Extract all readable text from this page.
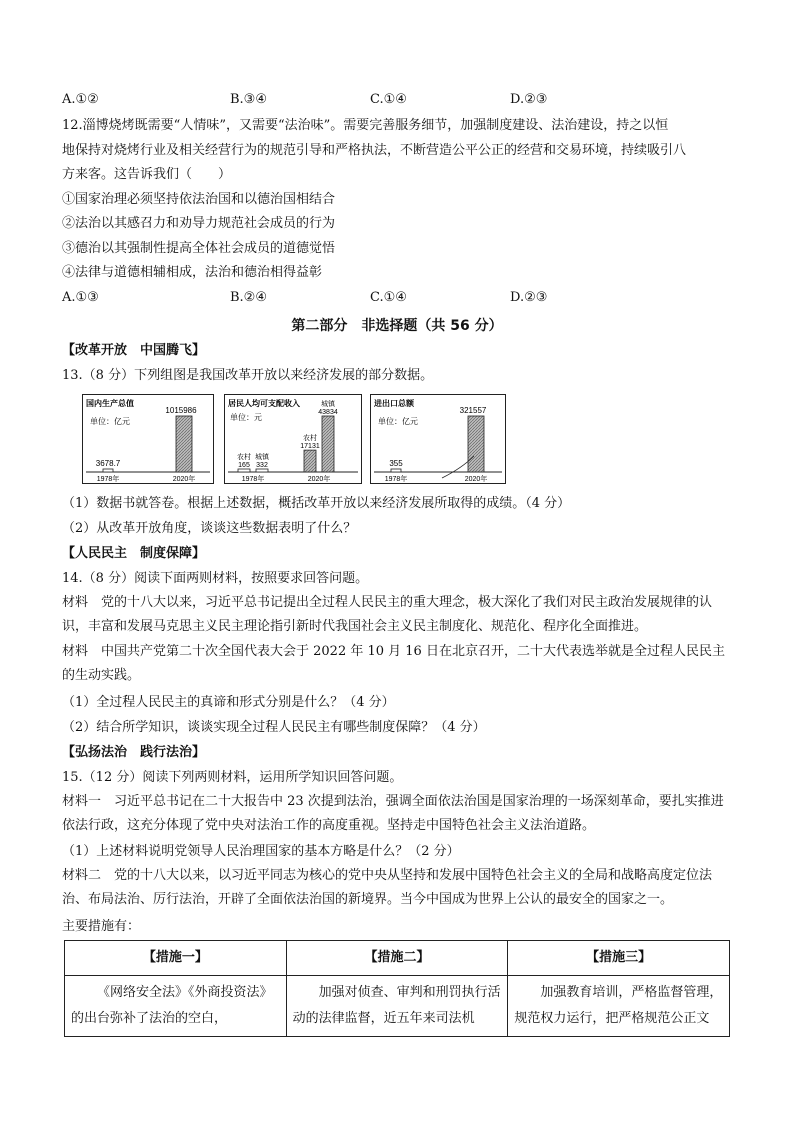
A.①②	B.③④	C.①④	D.②③
12.淄博烧烤既需要“人情味”，又需要“法治味”。需要完善服务细节，加强制度建设、法治建设，持之以恒
地保持对烧烤行业及相关经营行为的规范引导和严格执法，不断营造公平公正的经营和交易环境，持续吸引八
方来客。这告诉我们（　　）
①国家治理必须坚持依法治国和以德治国相结合
②法治以其感召力和劝导力规范社会成员的行为
③德治以其强制性提高全体社会成员的道德觉悟
④法律与道德相辅相成，法治和德治相得益彰
A.①③	B.②④	C.①④	D.②③
第二部分　非选择题（共 56 分）
【改革开放　中国腾飞】
13.（8 分）下列组图是我国改革开放以来经济发展的部分数据。
国内生产总值
单位：亿元
3678.7
1978年
1015986
2020年
居民人均可支配收入
单位：元
农村
165
城镇
332
1978年
农村
17131
城镇
43834
2020年
进出口总额
单位：亿元
355
1978年
321557
2020年
（1）数据书就答卷。根据上述数据，概括改革开放以来经济发展所取得的成绩。（4 分）
（2）从改革开放角度，谈谈这些数据表明了什么？
【人民民主　制度保障】
14.（8 分）阅读下面两则材料，按照要求回答问题。
材料　党的十八大以来，习近平总书记提出全过程人民民主的重大理念，极大深化了我们对民主政治发展规律的认识，丰富和发展马克思主义民主理论指引新时代我国社会主义民主制度化、规范化、程序化全面推进。
材料　中国共产党第二十次全国代表大会于 2022 年 10 月 16 日在北京召开，二十大代表选举就是全过程人民民主的生动实践。
（1）全过程人民民主的真谛和形式分别是什么？（4 分）
（2）结合所学知识，谈谈实现全过程人民民主有哪些制度保障？（4 分）
【弘扬法治　践行法治】
15.（12 分）阅读下列两则材料，运用所学知识回答问题。
材料一　习近平总书记在二十大报告中 23 次提到法治，强调全面依法治国是国家治理的一场深刻革命，要扎实推进依法行政，这充分体现了党中央对法治工作的高度重视。坚持走中国特色社会主义法治道路。
（1）上述材料说明党领导人民治理国家的基本方略是什么？（2 分）
材料二　党的十八大以来，以习近平同志为核心的党中央从坚持和发展中国特色社会主义的全局和战略高度定位法治、布局法治、厉行法治，开辟了全面依法治国的新境界。当今中国成为世界上公认的最安全的国家之一。
主要措施有：
【措施一】	【措施二】	【措施三】
《网络安全法》《外商投资法》的出台弥补了法治的空白，	加强对侦查、审判和刑罚执行活动的法律监督，近五年来司法机	加强教育培训，严格监督管理，规范权力运行，把严格规范公正文
